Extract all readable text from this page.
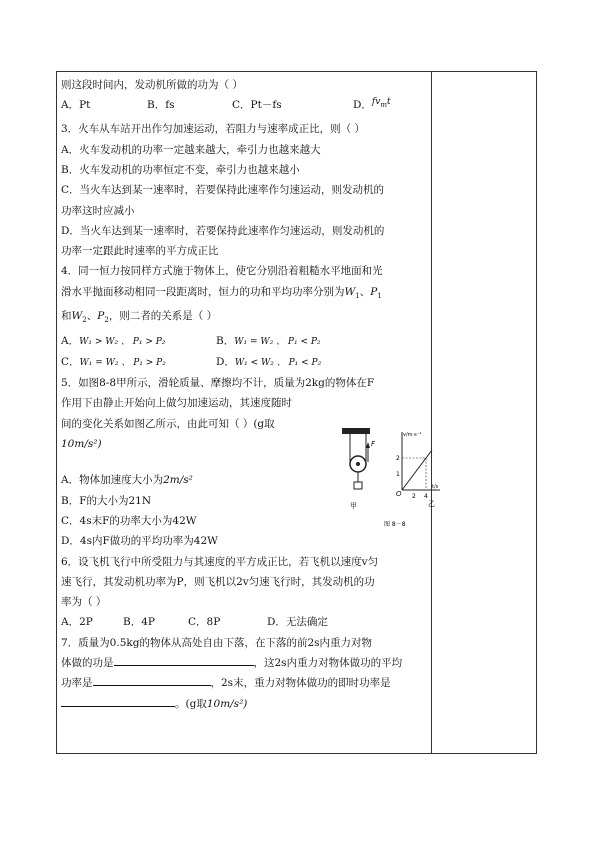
则这段时间内，发动机所做的功为（ ）

A．Pt	B．fs	C．Pt－fs	D．$fv_mt$

3．火车从车站开出作匀加速运动，若阻力与速率成正比，则（ ）

A．火车发动机的功率一定越来越大，牵引力也越来越大

B．火车发动机的功率恒定不变，牵引力也越来越小

C．当火车达到某一速率时，若要保持此速率作匀速运动，则发动机的

功率这时应减小

D．当火车达到某一速率时，若要保持此速率作匀速运动，则发动机的

功率一定跟此时速率的平方成正比

4．同一恒力按同样方式施于物体上，使它分别沿着粗糙水平地面和光

滑水平抛面移动相同一段距离时，恒力的功和平均功率分别为$W_1$、$P_1$

和$W_2$、$P_2$，则二者的关系是（ ）

A．W₁ > W₂ 、 P₁ > P₂	B．W₁ = W₂ 、 P₁ < P₂

C．W₁ = W₂ 、 P₁ > P₂	D．W₁ < W₂ 、 P₁ < P₂

5．如图8-8甲所示，滑轮质量、摩擦均不计，质量为2kg的物体在F

作用下由静止开始向上做匀加速运动，其速度随时

间的变化关系如图乙所示，由此可知（ ）(g取

10m/s²)

A．物体加速度大小为2m/s²

B．F的大小为21N

C．4s末F的功率大小为42W

D．4s内F做功的平均功率为42W

6．设飞机飞行中所受阻力与其速度的平方成正比，若飞机以速度v匀

速飞行，其发动机功率为P，则飞机以2v匀速飞行时，其发动机的功

率为（ ）

A．2P	B．4P	C．8P	D．无法确定

7．质量为0.5kg的物体从高处自由下落，在下落的前2s内重力对物

体做的功是	，这2s内重力对物体做功的平均

功率是	，2s末，重力对物体做功的即时功率是

。(g取10m/s²)

F
甲
v/m·s⁻¹
t/s
2
1
O 2 4
乙
图 8－8
